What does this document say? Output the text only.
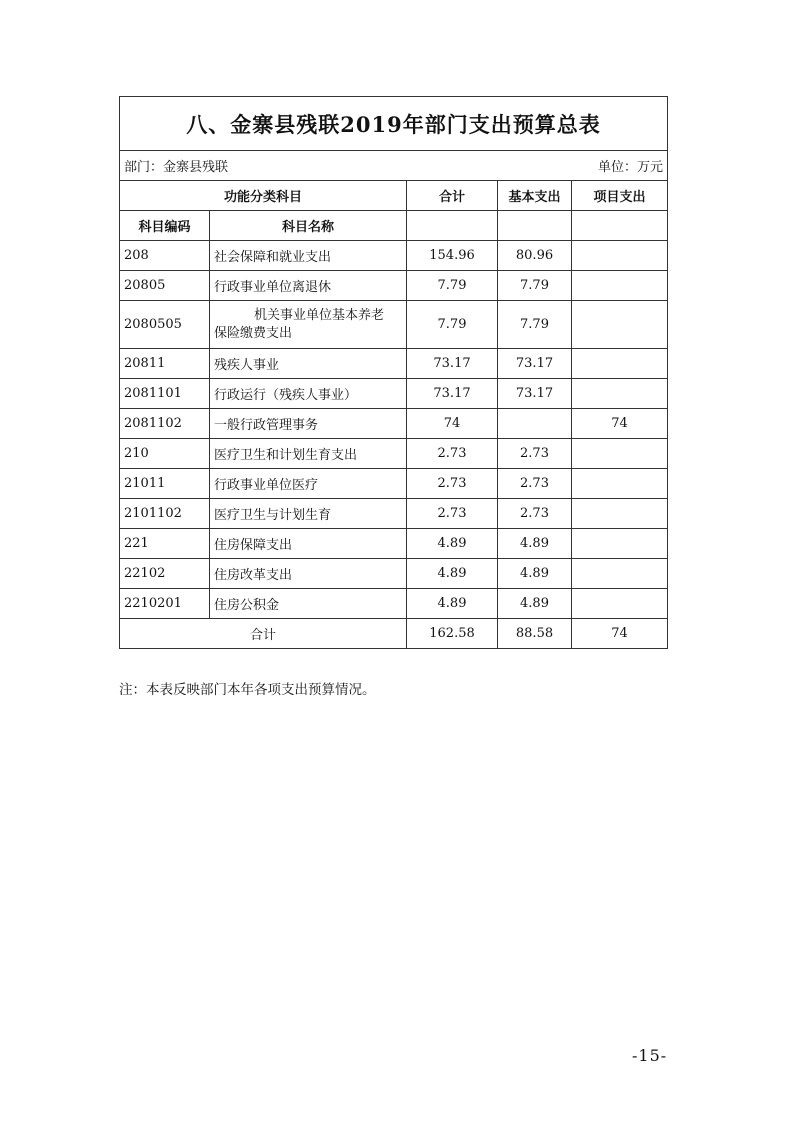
八、金寨县残联2019年部门支出预算总表				
部门：金寨县残联 单位：万元				

功能分类科目		合计	基本支出	项目支出
科目编码	科目名称			
208	社会保障和就业支出	154.96	80.96	
20805	行政事业单位离退休	7.79	7.79	
2080505	机关事业单位基本养老
保险缴费支出	7.79	7.79	
20811	残疾人事业	73.17	73.17	
2081101	行政运行（残疾人事业）	73.17	73.17	
2081102	一般行政管理事务	74		74
210	医疗卫生和计划生育支出	2.73	2.73	
21011	行政事业单位医疗	2.73	2.73	
2101102	医疗卫生与计划生育	2.73	2.73	
221	住房保障支出	4.89	4.89	
22102	住房改革支出	4.89	4.89	
2210201	住房公积金	4.89	4.89	
合计		162.58	88.58	74
注：本表反映部门本年各项支出预算情况。
-15-
